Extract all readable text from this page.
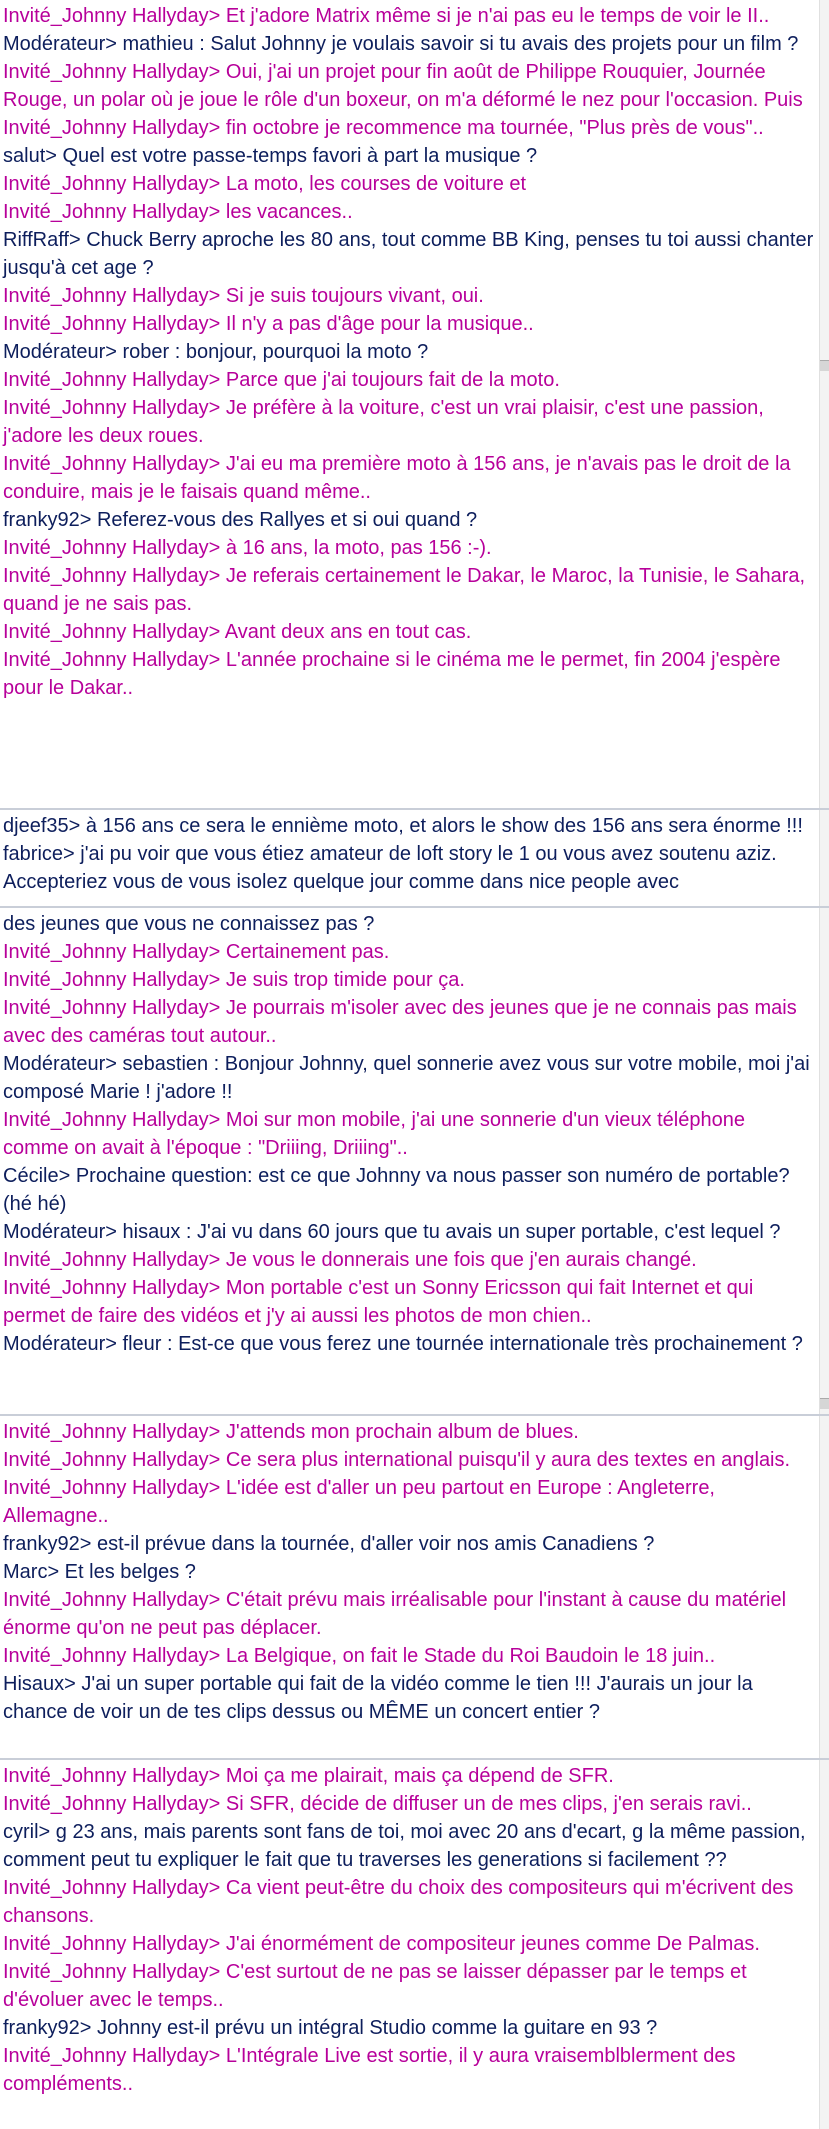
Invité_Johnny Hallyday> Et j'adore Matrix même si je n'ai pas eu le temps de voir le II..

Modérateur> mathieu : Salut Johnny je voulais savoir si tu avais des projets pour un film ?

Invité_Johnny Hallyday> Oui, j'ai un projet pour fin août de Philippe Rouquier, Journée Rouge, un polar où je joue le rôle d'un boxeur, on m'a déformé le nez pour l'occasion. Puis

Invité_Johnny Hallyday> fin octobre je recommence ma tournée, "Plus près de vous"..

salut> Quel est votre passe-temps favori à part la musique ?

Invité_Johnny Hallyday> La moto, les courses de voiture et

Invité_Johnny Hallyday> les vacances..

RiffRaff> Chuck Berry aproche les 80 ans, tout comme BB King, penses tu toi aussi chanter jusqu'à cet age ?

Invité_Johnny Hallyday> Si je suis toujours vivant, oui.

Invité_Johnny Hallyday> Il n'y a pas d'âge pour la musique..

Modérateur> rober : bonjour, pourquoi la moto ?

Invité_Johnny Hallyday> Parce que j'ai toujours fait de la moto.

Invité_Johnny Hallyday> Je préfère à la voiture, c'est un vrai plaisir, c'est une passion, j'adore les deux roues.

Invité_Johnny Hallyday> J'ai eu ma première moto à 156 ans, je n'avais pas le droit de la conduire, mais je le faisais quand même..

franky92> Referez-vous des Rallyes et si oui quand ?

Invité_Johnny Hallyday> à 16 ans, la moto, pas 156 :-).

Invité_Johnny Hallyday> Je referais certainement le Dakar, le Maroc, la Tunisie, le Sahara, quand je ne sais pas.

Invité_Johnny Hallyday> Avant deux ans en tout cas.

Invité_Johnny Hallyday> L'année prochaine si le cinéma me le permet, fin 2004 j'espère pour le Dakar..

djeef35> à 156 ans ce sera le ennième moto, et alors le show des 156 ans sera énorme !!!

fabrice> j'ai pu voir que vous étiez amateur de loft story le 1 ou vous avez soutenu aziz. Accepteriez vous de vous isolez quelque jour comme dans nice people avec

des jeunes que vous ne connaissez pas ?

Invité_Johnny Hallyday> Certainement pas.

Invité_Johnny Hallyday> Je suis trop timide pour ça.

Invité_Johnny Hallyday> Je pourrais m'isoler avec des jeunes que je ne connais pas mais avec des caméras tout autour..

Modérateur> sebastien : Bonjour Johnny, quel sonnerie avez vous sur votre mobile, moi j'ai composé Marie ! j'adore !!

Invité_Johnny Hallyday> Moi sur mon mobile, j'ai une sonnerie d'un vieux téléphone comme on avait à l'époque : "Driiing, Driiing"..

Cécile> Prochaine question: est ce que Johnny va nous passer son numéro de portable? (hé hé)

Modérateur> hisaux : J'ai vu dans 60 jours que tu avais un super portable, c'est lequel ?

Invité_Johnny Hallyday> Je vous le donnerais une fois que j'en aurais changé.

Invité_Johnny Hallyday> Mon portable c'est un Sonny Ericsson qui fait Internet et qui permet de faire des vidéos et j'y ai aussi les photos de mon chien..

Modérateur> fleur : Est-ce que vous ferez une tournée internationale très prochainement ?

Invité_Johnny Hallyday> J'attends mon prochain album de blues.

Invité_Johnny Hallyday> Ce sera plus international puisqu'il y aura des textes en anglais.

Invité_Johnny Hallyday> L'idée est d'aller un peu partout en Europe : Angleterre, Allemagne..

franky92> est-il prévue dans la tournée, d'aller voir nos amis Canadiens ?

Marc> Et les belges ?

Invité_Johnny Hallyday> C'était prévu mais irréalisable pour l'instant à cause du matériel énorme qu'on ne peut pas déplacer.

Invité_Johnny Hallyday> La Belgique, on fait le Stade du Roi Baudoin le 18 juin..

Hisaux> J'ai un super portable qui fait de la vidéo comme le tien !!! J'aurais un jour la chance de voir un de tes clips dessus ou MÊME un concert entier ?

Invité_Johnny Hallyday> Moi ça me plairait, mais ça dépend de SFR.

Invité_Johnny Hallyday> Si SFR, décide de diffuser un de mes clips, j'en serais ravi..

cyril> g 23 ans, mais parents sont fans de toi, moi avec 20 ans d'ecart, g la même passion, comment peut tu expliquer le fait que tu traverses les generations si facilement ??

Invité_Johnny Hallyday> Ca vient peut-être du choix des compositeurs qui m'écrivent des chansons.

Invité_Johnny Hallyday> J'ai énormément de compositeur jeunes comme De Palmas.

Invité_Johnny Hallyday> C'est surtout de ne pas se laisser dépasser par le temps et d'évoluer avec le temps..

franky92> Johnny est-il prévu un intégral Studio comme la guitare en 93 ?

Invité_Johnny Hallyday> L'Intégrale Live est sortie, il y aura vraisemblblerment des compléments..
